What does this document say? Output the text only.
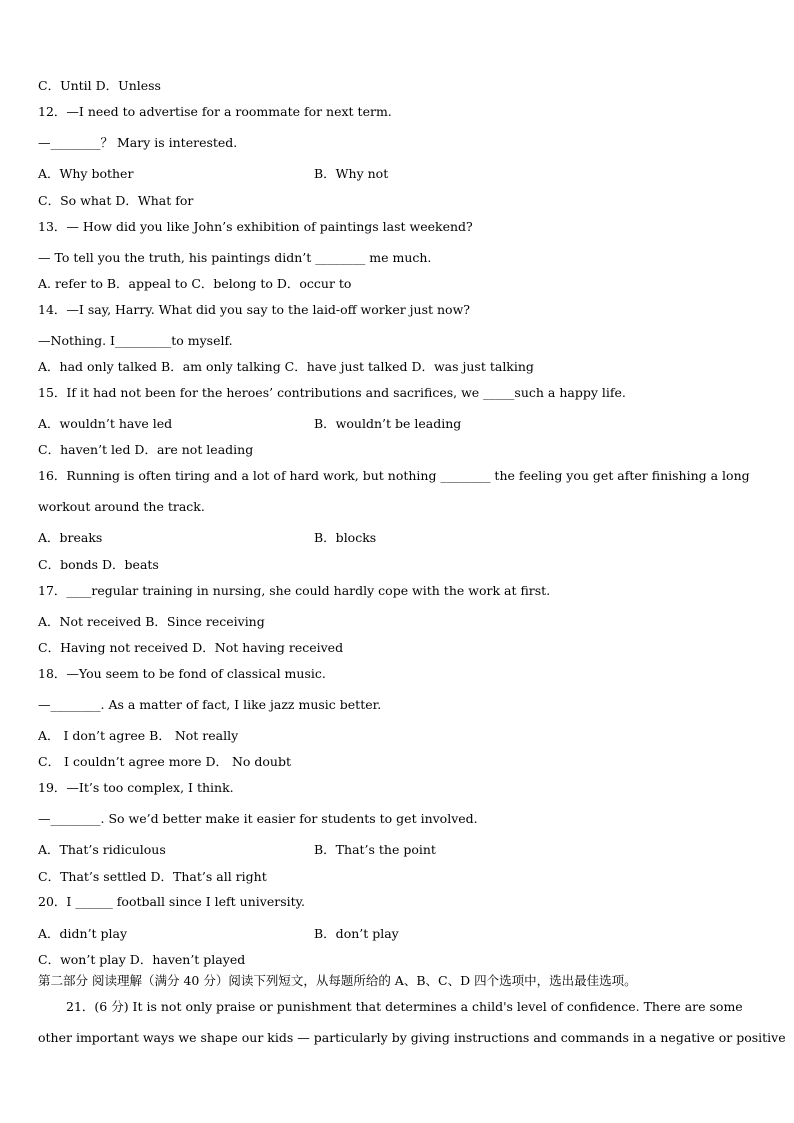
C．Until D．Unless
12．—I need to advertise for a roommate for next term.
—________？ Mary is interested.
A．Why bother	B．Why not
C．So what D．What for
13．— How did you like John’s exhibition of paintings last weekend?
— To tell you the truth, his paintings didn’t ________ me much.
A. refer to B．appeal to C．belong to D．occur to
14．—I say, Harry. What did you say to the laid-off worker just now?
—Nothing. I_________to myself.
A．had only talked B．am only talking C．have just talked D．was just talking
15．If it had not been for the heroes’ contributions and sacrifices, we _____such a happy life.
A．wouldn’t have led	B．wouldn’t be leading
C．haven’t led D．are not leading
16．Running is often tiring and a lot of hard work, but nothing ________ the feeling you get after finishing a long
workout around the track.
A．breaks	B．blocks
C．bonds D．beats
17．____regular training in nursing, she could hardly cope with the work at first.
A．Not received B．Since receiving
C．Having not received D．Not having received
18．—You seem to be fond of classical music.
—________. As a matter of fact, I like jazz music better.
A． I don’t agree B． Not really
C． I couldn’t agree more D． No doubt
19．—It’s too complex, I think.
—________. So we’d better make it easier for students to get involved.
A．That’s ridiculous	B．That’s the point
C．That’s settled D．That’s all right
20．I ______ football since I left university.
A．didn’t play	B．don’t play
C．won’t play D．haven’t played
第二部分 阅读理解（满分 40 分）阅读下列短文，从每题所给的 A、B、C、D 四个选项中，选出最佳选项。
21．(6 分) It is not only praise or punishment that determines a child's level of confidence. There are some
other important ways we shape our kids — particularly by giving instructions and commands in a negative or positive
